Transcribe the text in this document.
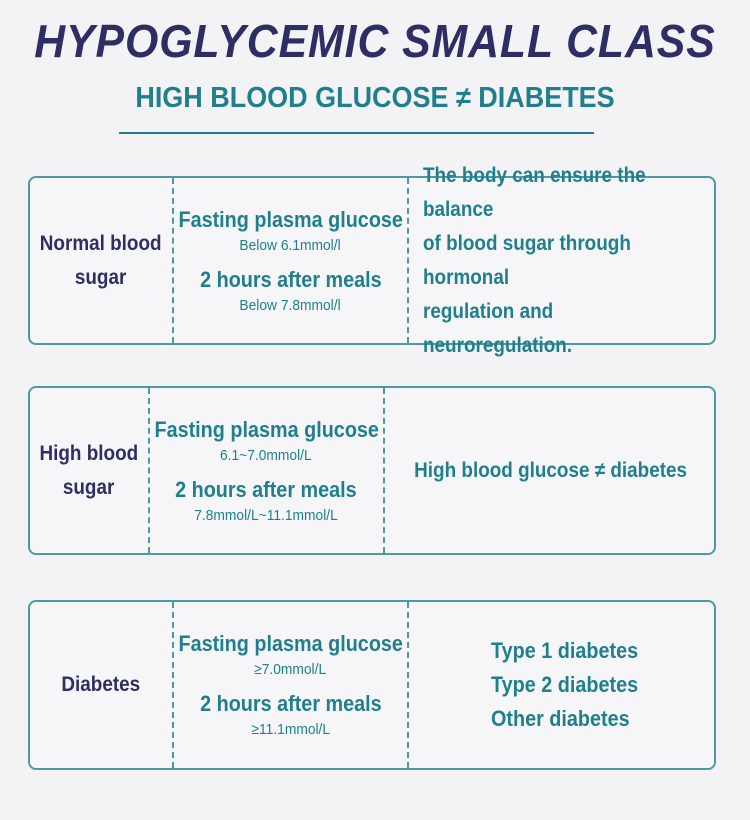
HYPOGLYCEMIC SMALL CLASS
HIGH BLOOD GLUCOSE ≠ DIABETES
Normal blood
sugar
Fasting plasma glucose
Below 6.1mmol/l
2 hours after meals
Below 7.8mmol/l
The body can ensure the balance
of blood sugar through hormonal
regulation and neuroregulation.
High blood
sugar
Fasting plasma glucose
6.1~7.0mmol/L
2 hours after meals
7.8mmol/L~11.1mmol/L
High blood glucose ≠ diabetes
Diabetes
Fasting plasma glucose
≥7.0mmol/L
2 hours after meals
≥11.1mmol/L
Type 1 diabetes
Type 2 diabetes
Other diabetes
